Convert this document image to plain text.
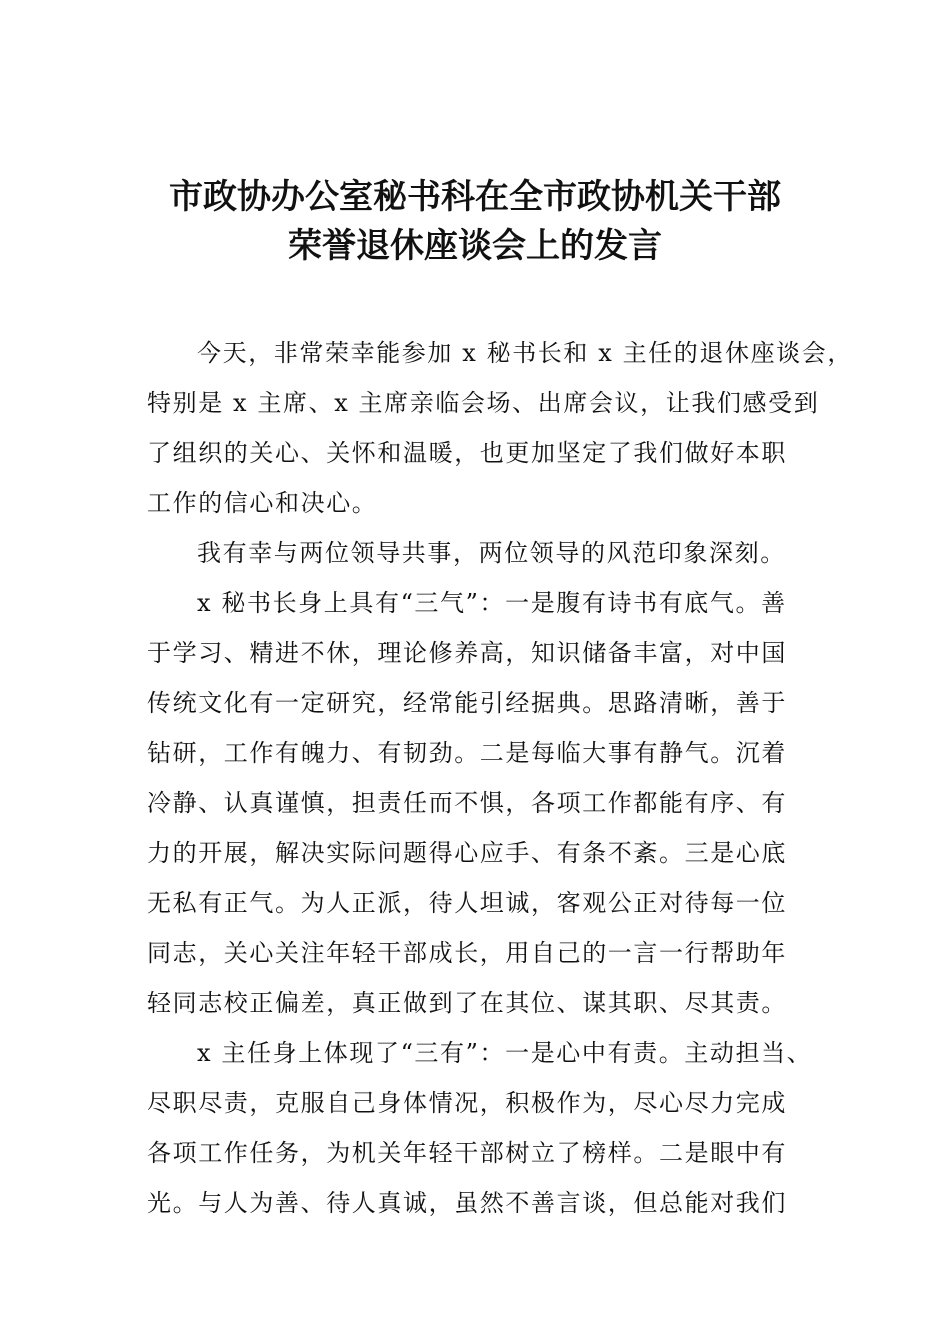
市政协办公室秘书科在全市政协机关干部
荣誉退休座谈会上的发言
今天，非常荣幸能参加 x 秘书长和 x 主任的退休座谈会，
特别是 x 主席、x 主席亲临会场、出席会议，让我们感受到
了组织的关心、关怀和温暖，也更加坚定了我们做好本职
工作的信心和决心。
我有幸与两位领导共事，两位领导的风范印象深刻。
x 秘书长身上具有“三气”：一是腹有诗书有底气。善
于学习、精进不休，理论修养高，知识储备丰富，对中国
传统文化有一定研究，经常能引经据典。思路清晰，善于
钻研，工作有魄力、有韧劲。二是每临大事有静气。沉着
冷静、认真谨慎，担责任而不惧，各项工作都能有序、有
力的开展，解决实际问题得心应手、有条不紊。三是心底
无私有正气。为人正派，待人坦诚，客观公正对待每一位
同志，关心关注年轻干部成长，用自己的一言一行帮助年
轻同志校正偏差，真正做到了在其位、谋其职、尽其责。
x 主任身上体现了“三有”：一是心中有责。主动担当、
尽职尽责，克服自己身体情况，积极作为，尽心尽力完成
各项工作任务，为机关年轻干部树立了榜样。二是眼中有
光。与人为善、待人真诚，虽然不善言谈，但总能对我们
